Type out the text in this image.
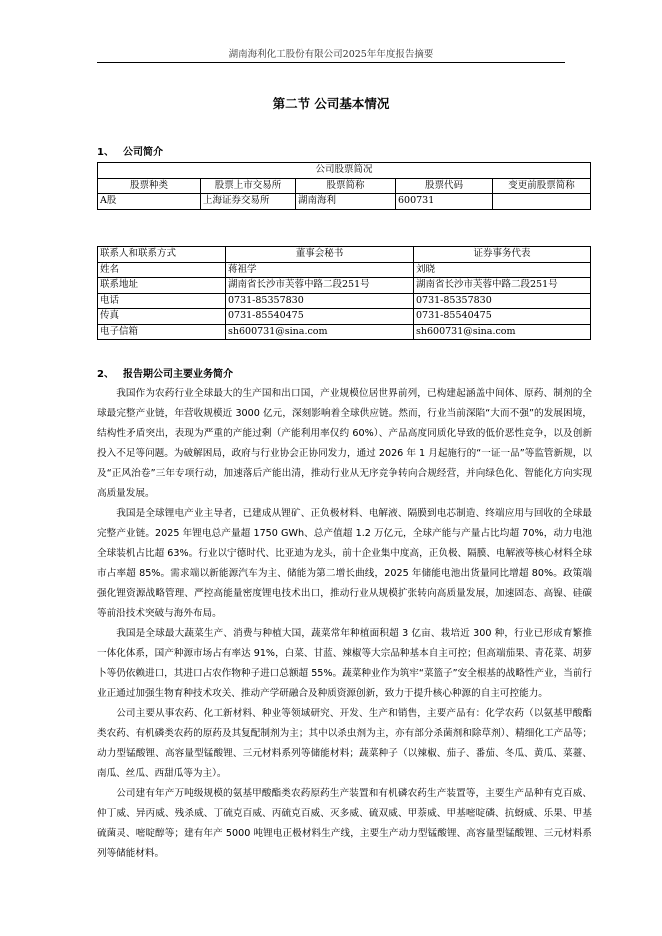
湖南海利化工股份有限公司2025年年度报告摘要
第二节 公司基本情况
1、 公司简介
公司股票简况				
股票种类	股票上市交易所	股票简称	股票代码	变更前股票简称
A股	上海证券交易所	湖南海利	600731	
联系人和联系方式	董事会秘书	证券事务代表
姓名	蒋祖学	刘晓
联系地址	湖南省长沙市芙蓉中路二段251号	湖南省长沙市芙蓉中路二段251号
电话	0731-85357830	0731-85357830
传真	0731-85540475	0731-85540475
电子信箱	sh600731@sina.com	sh600731@sina.com
2、 报告期公司主要业务简介

我国作为农药行业全球最大的生产国和出口国，产业规模位居世界前列，已构建起涵盖中间体、原药、制剂的全球最完整产业链，年营收规模近 3000 亿元，深刻影响着全球供应链。然而，行业当前深陷“大而不强”的发展困境，结构性矛盾突出，表现为严重的产能过剩（产能利用率仅约 60%）、产品高度同质化导致的低价恶性竞争，以及创新投入不足等问题。为破解困局，政府与行业协会正协同发力，通过 2026 年 1 月起施行的“一证一品”等监管新规，以及“正风治卷”三年专项行动，加速落后产能出清，推动行业从无序竞争转向合规经营，并向绿色化、智能化方向实现高质量发展。

我国是全球锂电产业主导者，已建成从锂矿、正负极材料、电解液、隔膜到电芯制造、终端应用与回收的全球最完整产业链。2025 年锂电总产量超 1750 GWh、总产值超 1.2 万亿元，全球产能与产量占比均超 70%，动力电池全球装机占比超 63%。行业以宁德时代、比亚迪为龙头，前十企业集中度高，正负极、隔膜、电解液等核心材料全球市占率超 85%。需求端以新能源汽车为主、储能为第二增长曲线，2025 年储能电池出货量同比增超 80%。政策端强化锂资源战略管理、严控高能量密度锂电技术出口，推动行业从规模扩张转向高质量发展，加速固态、高镍、硅碳等前沿技术突破与海外布局。

我国是全球最大蔬菜生产、消费与种植大国，蔬菜常年种植面积超 3 亿亩、栽培近 300 种，行业已形成育繁推一体化体系，国产种源市场占有率达 91%，白菜、甘蓝、辣椒等大宗品种基本自主可控；但高端茄果、青花菜、胡萝卜等仍依赖进口，其进口占农作物种子进口总额超 55%。蔬菜种业作为筑牢“菜篮子”安全根基的战略性产业，当前行业正通过加强生物育种技术攻关、推动产学研融合及种质资源创新，致力于提升核心种源的自主可控能力。

公司主要从事农药、化工新材料、种业等领域研究、开发、生产和销售，主要产品有：化学农药（以氨基甲酸酯类农药、有机磷类农药的原药及其复配制剂为主；其中以杀虫剂为主，亦有部分杀菌剂和除草剂）、精细化工产品等；动力型锰酸锂、高容量型锰酸锂、三元材料系列等储能材料；蔬菜种子（以辣椒、茄子、番茄、冬瓜、黄瓜、菜薹、南瓜、丝瓜、西甜瓜等为主）。

公司建有年产万吨级规模的氨基甲酸酯类农药原药生产装置和有机磷农药生产装置等，主要生产品种有克百威、仲丁威、异丙威、残杀威、丁硫克百威、丙硫克百威、灭多威、硫双威、甲萘威、甲基嘧啶磷、抗蚜威、乐果、甲基硫菌灵、嘧啶醇等；建有年产 5000 吨锂电正极材料生产线，主要生产动力型锰酸锂、高容量型锰酸锂、三元材料系列等储能材料。
